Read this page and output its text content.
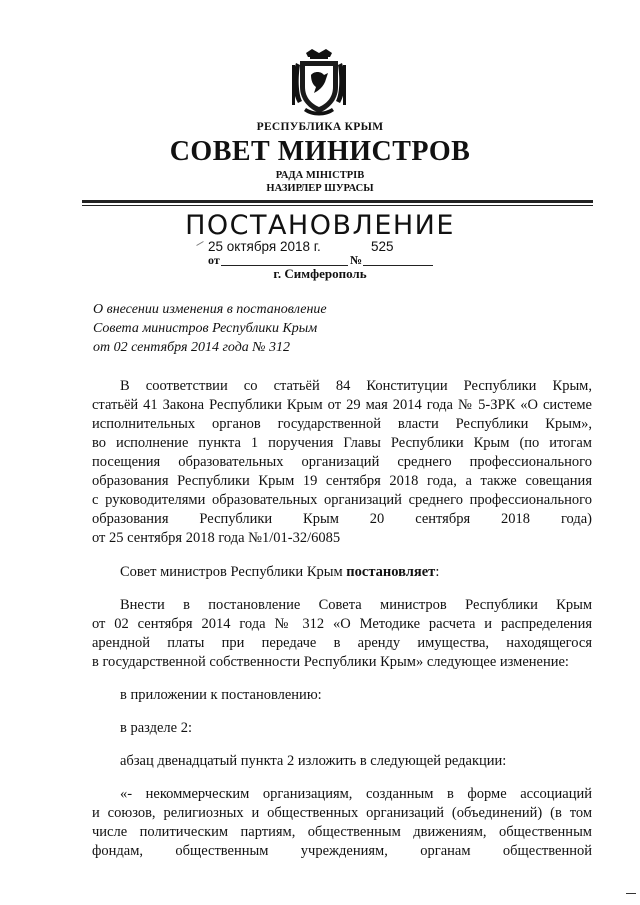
РЕСПУБЛИКА КРЫМ
СОВЕТ МИНИСТРОВ
РАДА МІНІСТРІВ
НАЗИРЛЕР ШУРАСЫ
ПОСТАНОВЛЕНИЕ
25 октября 2018 г.	525
от	№
г. Симферополь
О внесении изменения в постановление
Совета министров Республики Крым
от 02 сентября 2014 года № 312
В соответствии со статьёй 84 Конституции Республики Крым,
статьёй 41 Закона Республики Крым от 29 мая 2014 года № 5-ЗРК «О системе
исполнительных органов государственной власти Республики Крым»,
во исполнение пункта 1 поручения Главы Республики Крым (по итогам
посещения образовательных организаций среднего профессионального
образования Республики Крым 19 сентября 2018 года, а также совещания
с руководителями образовательных организаций среднего профессионального
образования Республики Крым 20 сентября 2018 года)
от 25 сентября 2018 года №1/01-32/6085
Совет министров Республики Крым постановляет:
Внести в постановление Совета министров Республики Крым
от 02 сентября 2014 года № 312 «О Методике расчета и распределения
арендной платы при передаче в аренду имущества, находящегося
в государственной собственности Республики Крым» следующее изменение:
в приложении к постановлению:
в разделе 2:
абзац двенадцатый пункта 2 изложить в следующей редакции:
«- некоммерческим организациям, созданным в форме ассоциаций
и союзов, религиозных и общественных организаций (объединений) (в том
числе политическим партиям, общественным движениям, общественным
фондам, общественным учреждениям, органам общественной
